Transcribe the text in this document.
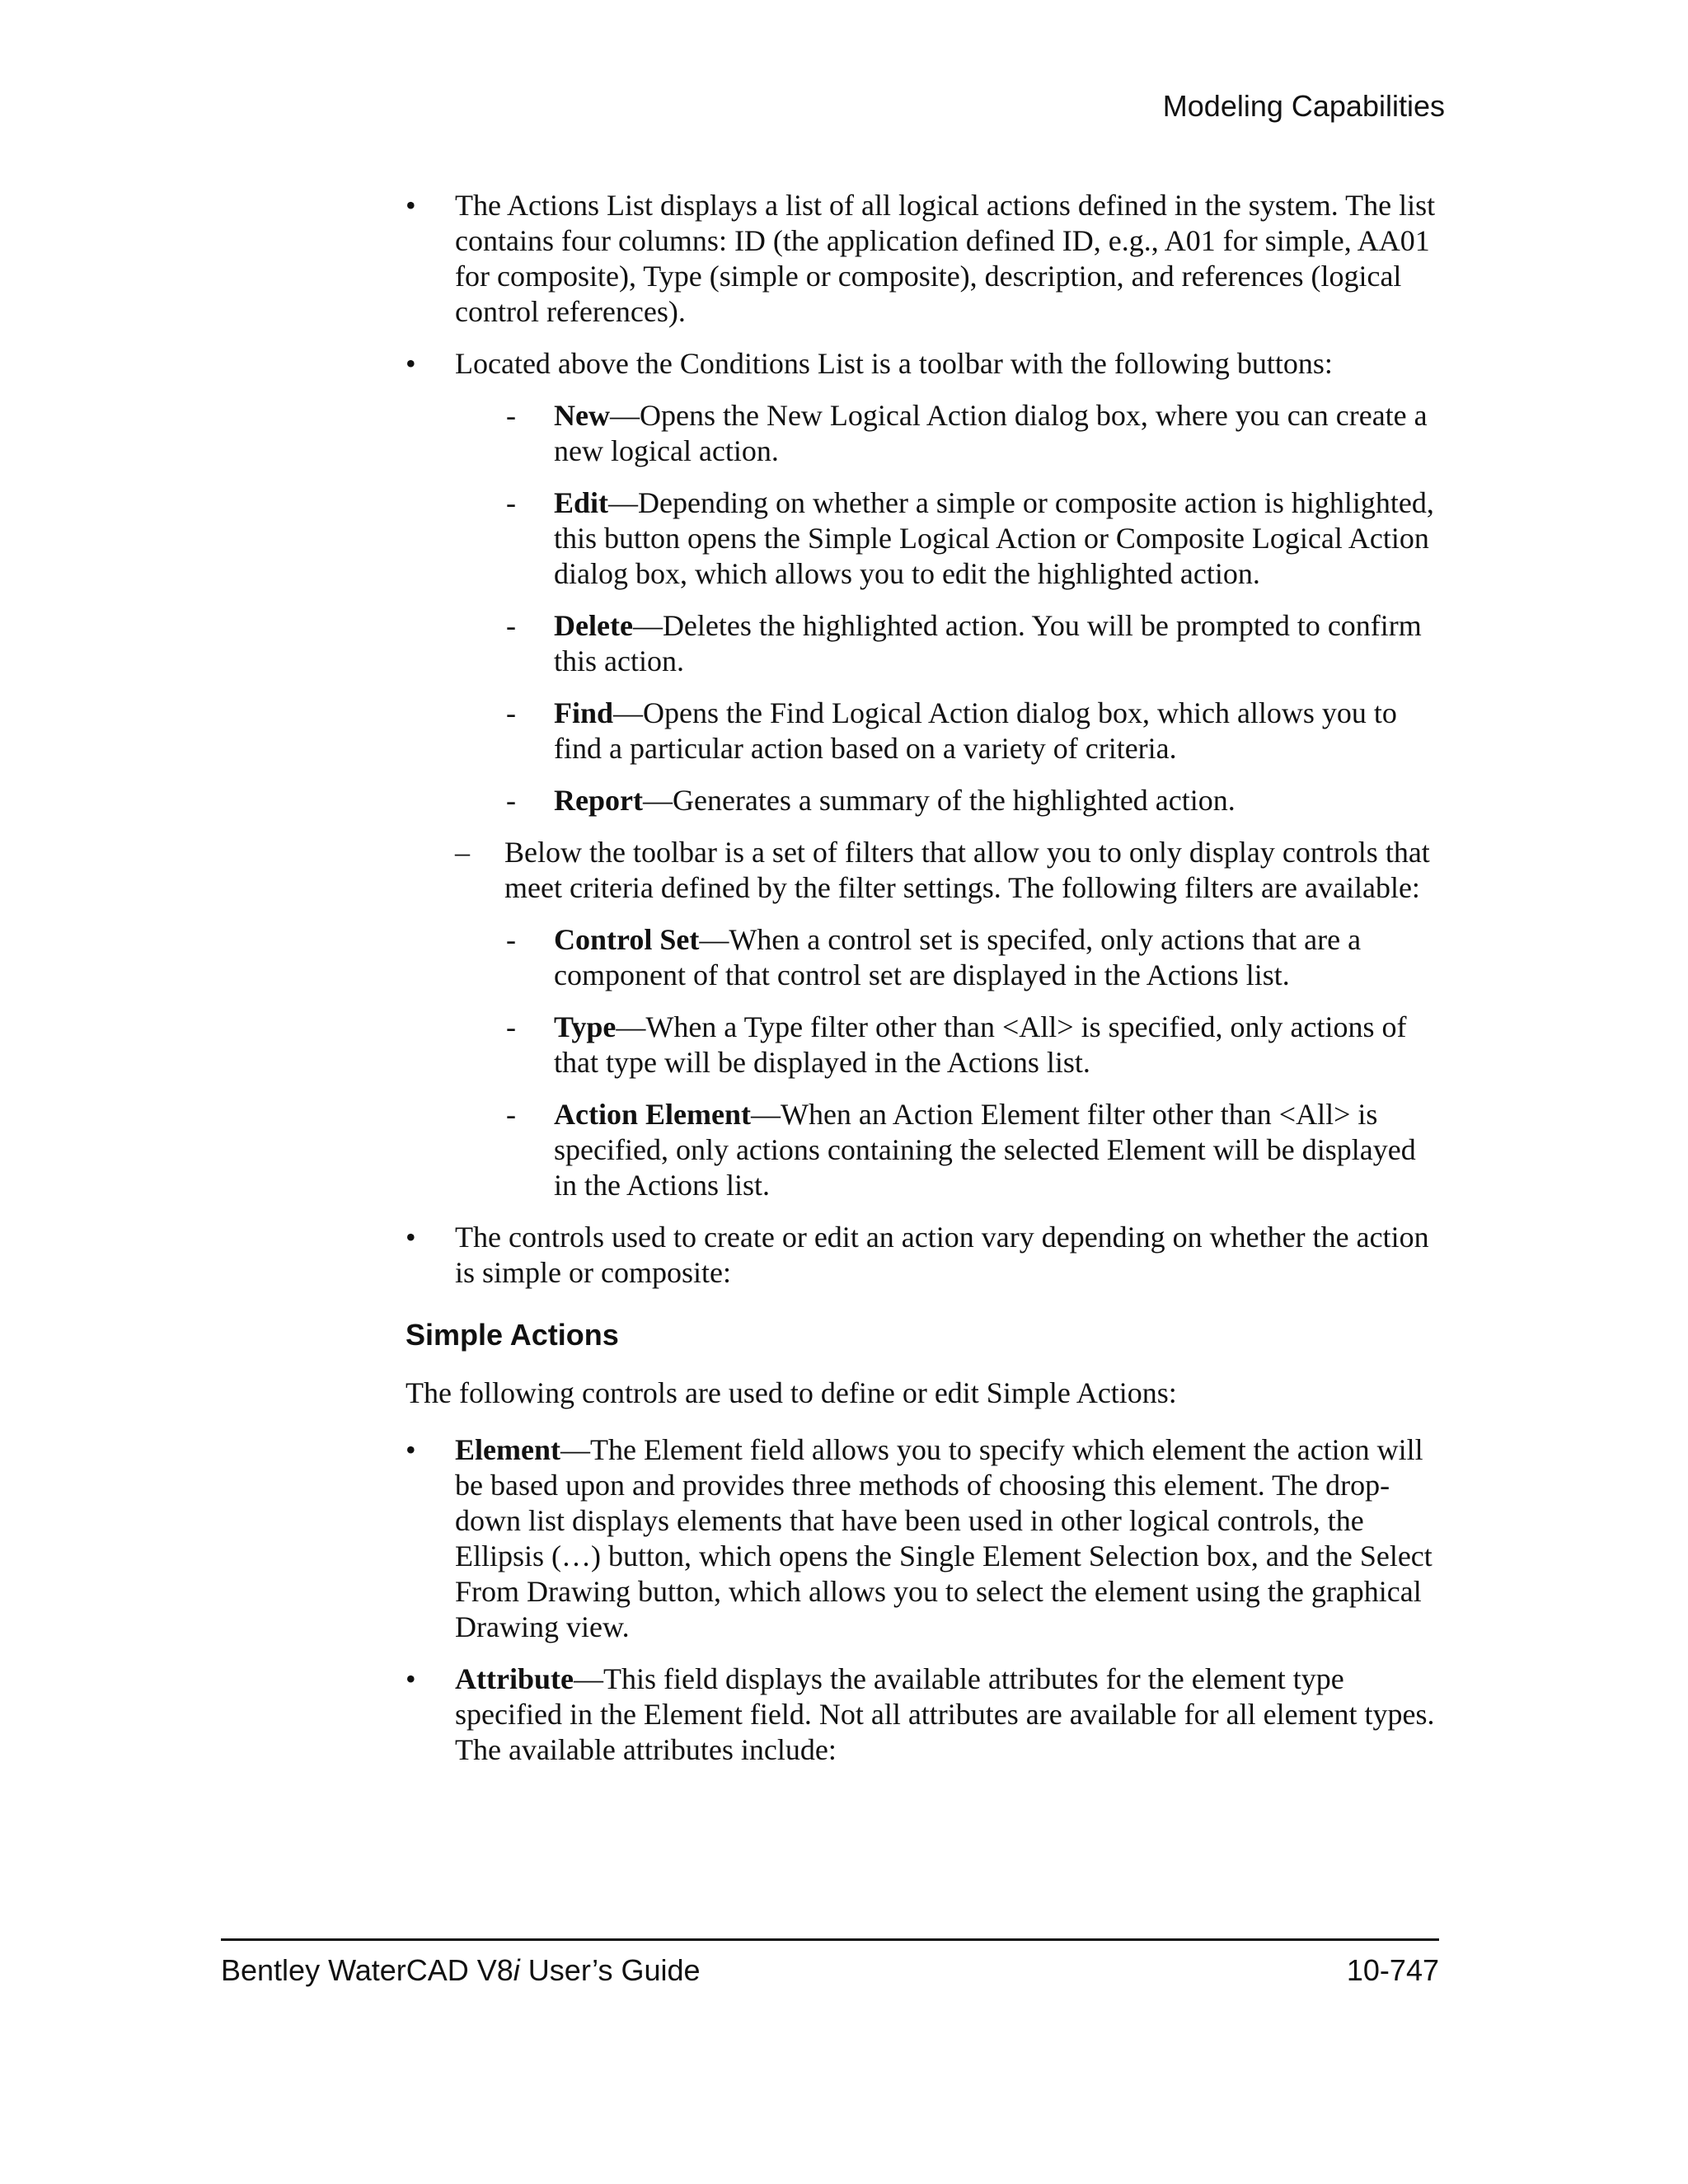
Modeling Capabilities
• The Actions List displays a list of all logical actions defined in the system. The list contains four columns: ID (the application defined ID, e.g., A01 for simple, AA01 for composite), Type (simple or composite), description, and references (logical control references).
• Located above the Conditions List is a toolbar with the following buttons:
- New—Opens the New Logical Action dialog box, where you can create a new logical action.
- Edit—Depending on whether a simple or composite action is highlighted, this button opens the Simple Logical Action or Composite Logical Action dialog box, which allows you to edit the highlighted action.
- Delete—Deletes the highlighted action. You will be prompted to confirm this action.
- Find—Opens the Find Logical Action dialog box, which allows you to find a particular action based on a variety of criteria.
- Report—Generates a summary of the highlighted action.
– Below the toolbar is a set of filters that allow you to only display controls that meet criteria defined by the filter settings. The following filters are available:
- Control Set—When a control set is specifed, only actions that are a component of that control set are displayed in the Actions list.
- Type—When a Type filter other than <All> is specified, only actions of that type will be displayed in the Actions list.
- Action Element—When an Action Element filter other than <All> is specified, only actions containing the selected Element will be displayed in the Actions list.
• The controls used to create or edit an action vary depending on whether the action is simple or composite:
Simple Actions

The following controls are used to define or edit Simple Actions:

• Element—The Element field allows you to specify which element the action will be based upon and provides three methods of choosing this element. The drop-down list displays elements that have been used in other logical controls, the Ellipsis (…) button, which opens the Single Element Selection box, and the Select From Drawing button, which allows you to select the element using the graphical Drawing view.
• Attribute—This field displays the available attributes for the element type specified in the Element field. Not all attributes are available for all element types. The available attributes include:
Bentley WaterCAD V8i User’s Guide	10-747
